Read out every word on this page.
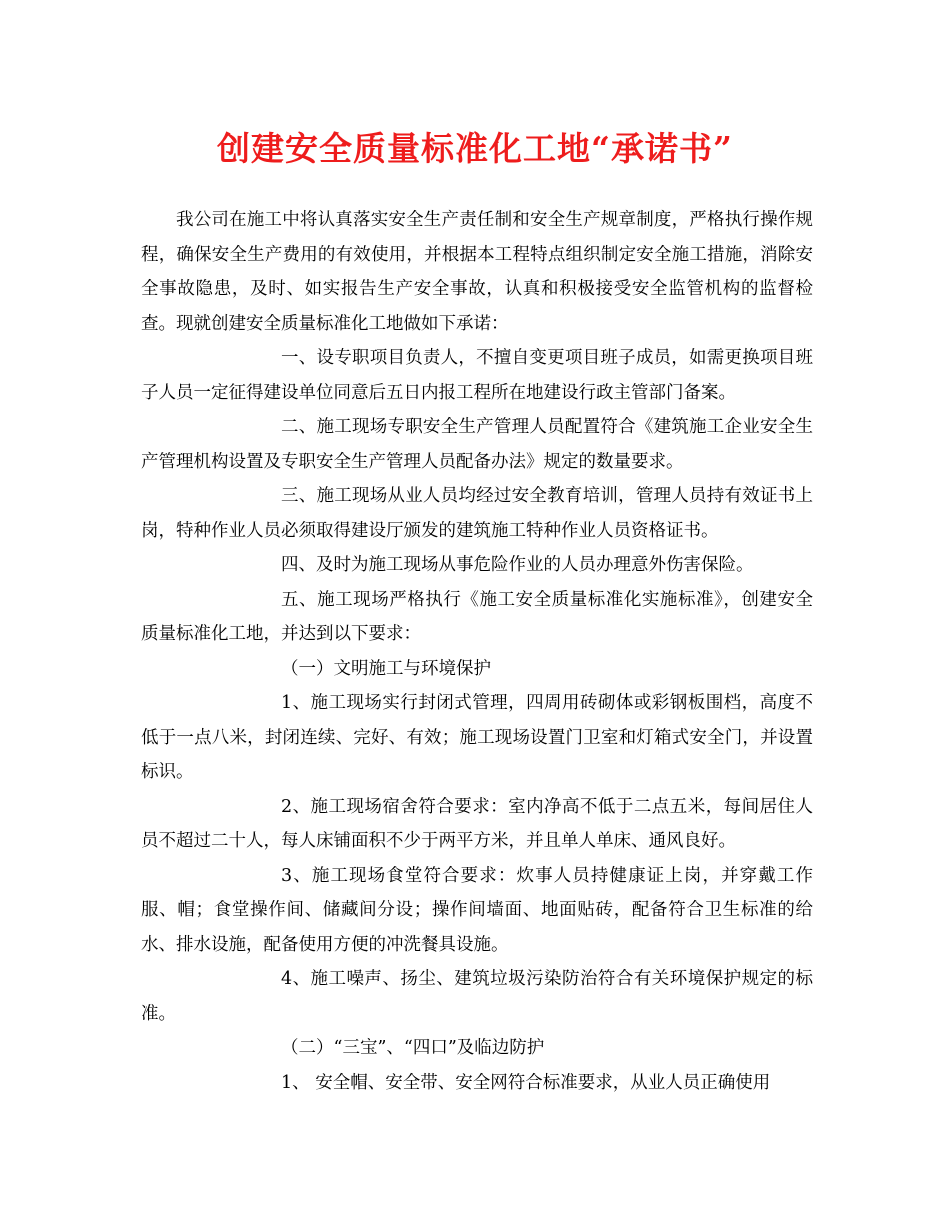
创建安全质量标准化工地“承诺书”

我公司在施工中将认真落实安全生产责任制和安全生产规章制度，严格执行操作规程，确保安全生产费用的有效使用，并根据本工程特点组织制定安全施工措施，消除安全事故隐患，及时、如实报告生产安全事故，认真和积极接受安全监管机构的监督检查。现就创建安全质量标准化工地做如下承诺：

一、设专职项目负责人，不擅自变更项目班子成员，如需更换项目班子人员一定征得建设单位同意后五日内报工程所在地建设行政主管部门备案。

二、施工现场专职安全生产管理人员配置符合《建筑施工企业安全生产管理机构设置及专职安全生产管理人员配备办法》规定的数量要求。

三、施工现场从业人员均经过安全教育培训，管理人员持有效证书上岗，特种作业人员必须取得建设厅颁发的建筑施工特种作业人员资格证书。

四、及时为施工现场从事危险作业的人员办理意外伤害保险。

五、施工现场严格执行《施工安全质量标准化实施标准》，创建安全质量标准化工地，并达到以下要求：

（一）文明施工与环境保护

1、施工现场实行封闭式管理，四周用砖砌体或彩钢板围档，高度不低于一点八米，封闭连续、完好、有效；施工现场设置门卫室和灯箱式安全门，并设置标识。

2、施工现场宿舍符合要求：室内净高不低于二点五米，每间居住人员不超过二十人，每人床铺面积不少于两平方米，并且单人单床、通风良好。

3、施工现场食堂符合要求：炊事人员持健康证上岗，并穿戴工作服、帽；食堂操作间、储藏间分设；操作间墙面、地面贴砖，配备符合卫生标准的给水、排水设施，配备使用方便的冲洗餐具设施。

4、施工噪声、扬尘、建筑垃圾污染防治符合有关环境保护规定的标准。

（二）“三宝”、“四口”及临边防护

1、 安全帽、安全带、安全网符合标准要求，从业人员正确使用
